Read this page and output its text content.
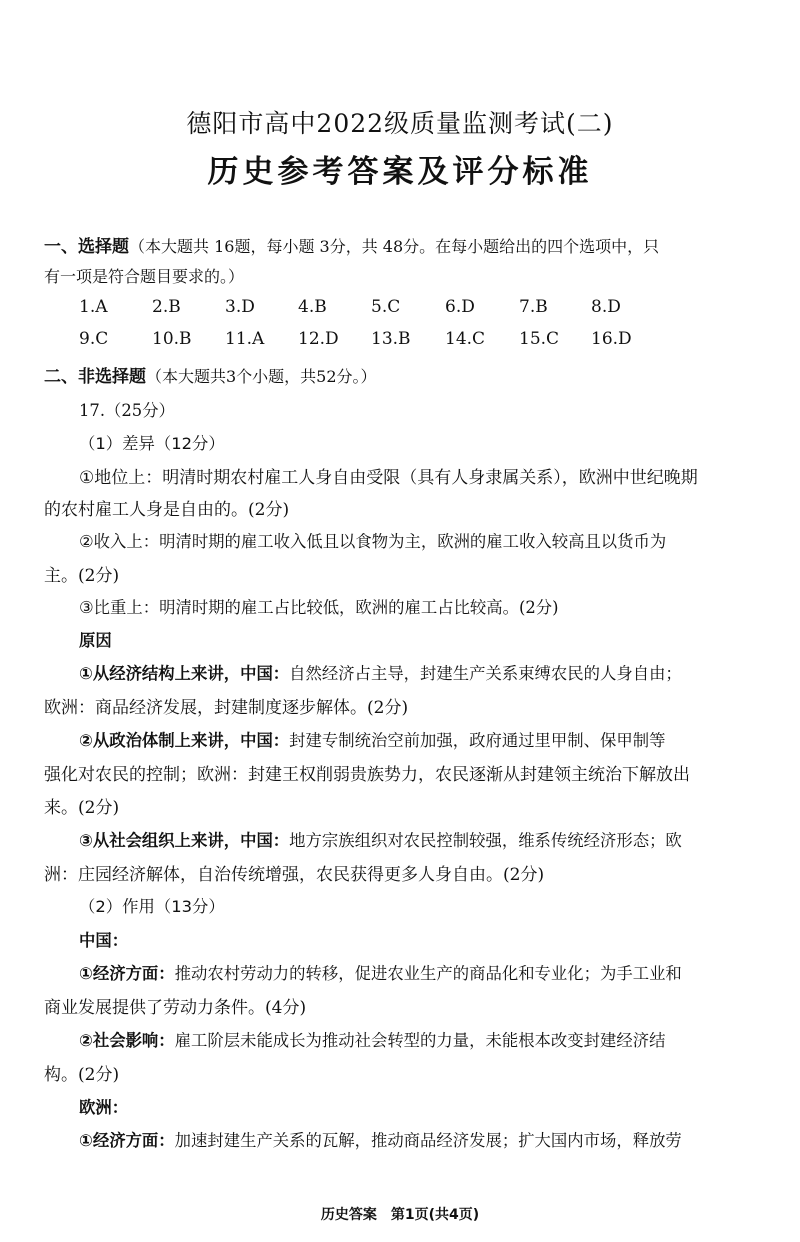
德阳市高中2022级质量监测考试(二)
历史参考答案及评分标准
一、选择题（本大题共 16题，每小题 3分，共 48分。在每小题给出的四个选项中，只
有一项是符合题目要求的。）
1.A	2.B	3.D	4.B	5.C	6.D	7.B	8.D
9.C	10.B 11.A 12.D 13.B 14.C 15.C 16.D
二、非选择题（本大题共3个小题，共52分。）
17.（25分）
（1）差异（12分）
①地位上：明清时期农村雇工人身自由受限（具有人身隶属关系），欧洲中世纪晚期
的农村雇工人身是自由的。(2分)
②收入上：明清时期的雇工收入低且以食物为主，欧洲的雇工收入较高且以货币为
主。(2分)
③比重上：明清时期的雇工占比较低，欧洲的雇工占比较高。(2分)
原因
①从经济结构上来讲，中国：自然经济占主导，封建生产关系束缚农民的人身自由；
欧洲：商品经济发展，封建制度逐步解体。(2分)
②从政治体制上来讲，中国：封建专制统治空前加强，政府通过里甲制、保甲制等
强化对农民的控制；欧洲：封建王权削弱贵族势力，农民逐渐从封建领主统治下解放出
来。(2分)
③从社会组织上来讲，中国：地方宗族组织对农民控制较强，维系传统经济形态；欧
洲：庄园经济解体，自治传统增强，农民获得更多人身自由。(2分)
（2）作用（13分）
中国：
①经济方面：推动农村劳动力的转移，促进农业生产的商品化和专业化；为手工业和
商业发展提供了劳动力条件。(4分)
②社会影响：雇工阶层未能成长为推动社会转型的力量，未能根本改变封建经济结
构。(2分)
欧洲：
①经济方面：加速封建生产关系的瓦解，推动商品经济发展；扩大国内市场，释放劳
历史答案　第1页(共4页)
